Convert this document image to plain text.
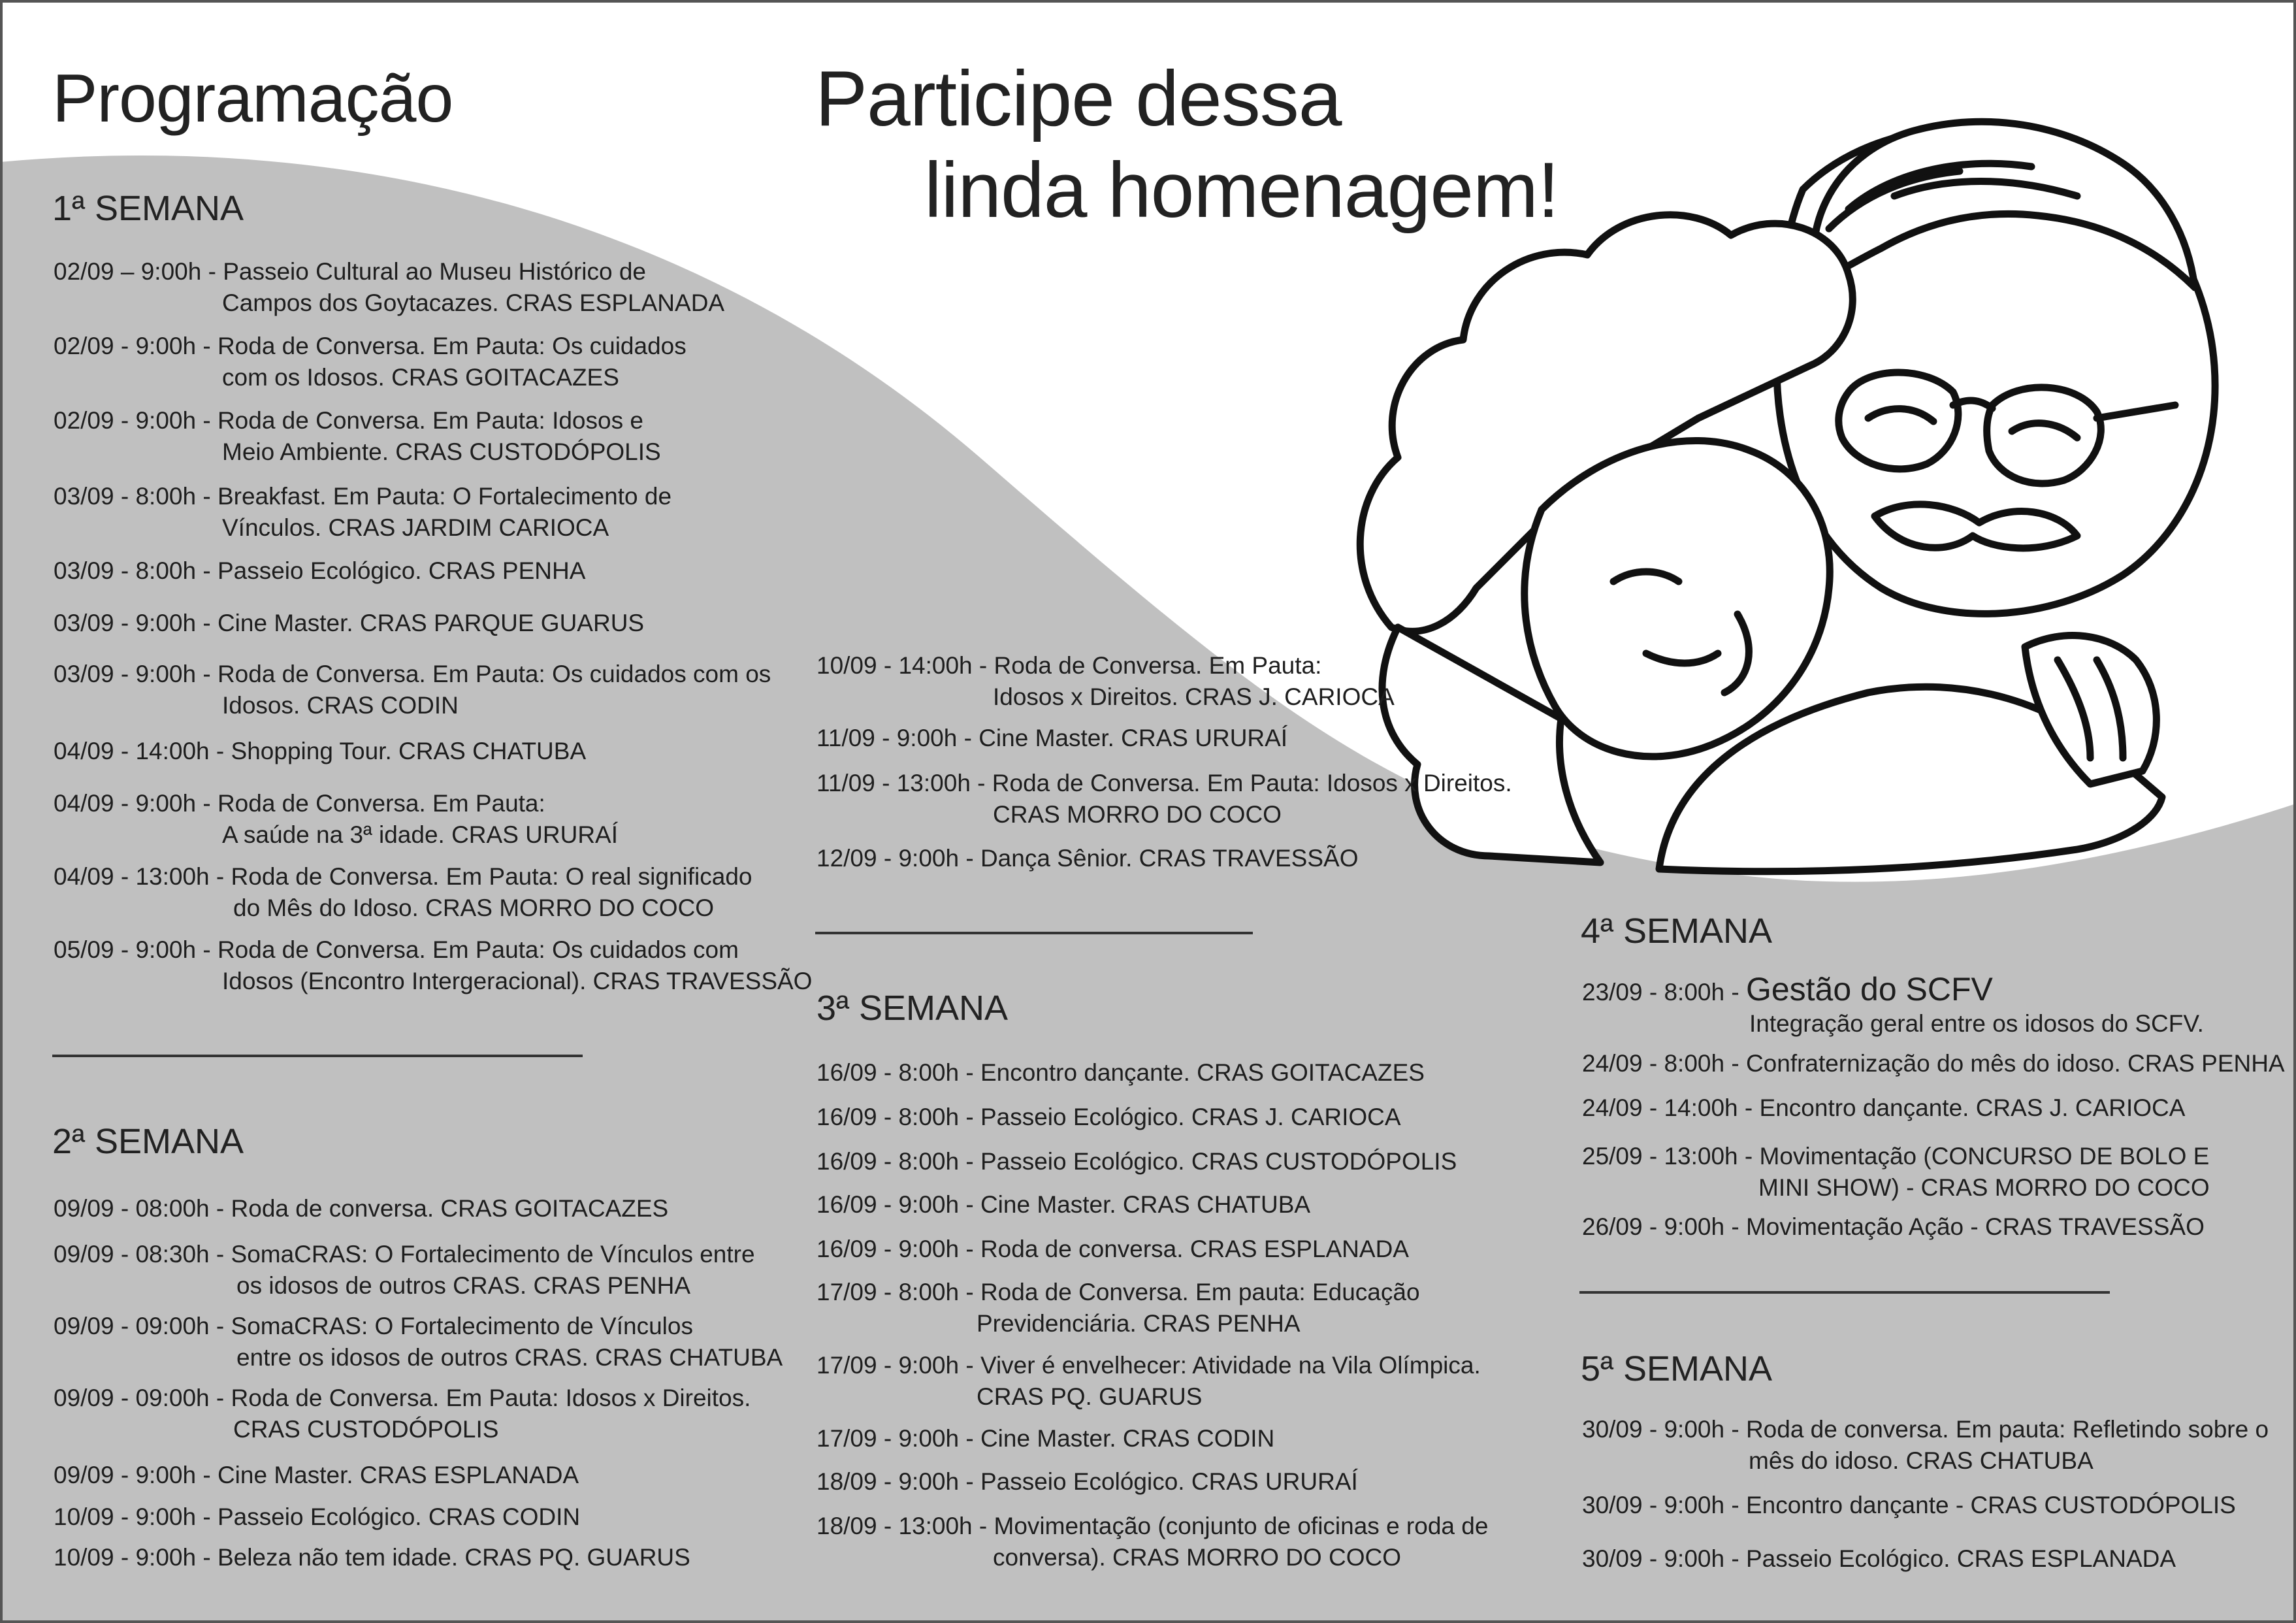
Programação	Participe dessa
linda homenagem!
1ª SEMANA
02/09 – 9:00h - Passeio Cultural ao Museu Histórico de
Campos dos Goytacazes. CRAS ESPLANADA
02/09 - 9:00h - Roda de Conversa. Em Pauta: Os cuidados
com os Idosos. CRAS GOITACAZES
02/09 - 9:00h - Roda de Conversa. Em Pauta: Idosos e
Meio Ambiente. CRAS CUSTODÓPOLIS
03/09 - 8:00h - Breakfast. Em Pauta: O Fortalecimento de
Vínculos. CRAS JARDIM CARIOCA
03/09 - 8:00h - Passeio Ecológico. CRAS PENHA
03/09 - 9:00h - Cine Master. CRAS PARQUE GUARUS
03/09 - 9:00h - Roda de Conversa. Em Pauta: Os cuidados com os
Idosos. CRAS CODIN
04/09 - 14:00h - Shopping Tour. CRAS CHATUBA
04/09 - 9:00h - Roda de Conversa. Em Pauta:
A saúde na 3ª idade. CRAS URURAÍ
04/09 - 13:00h - Roda de Conversa. Em Pauta: O real significado
do Mês do Idoso. CRAS MORRO DO COCO
05/09 - 9:00h - Roda de Conversa. Em Pauta: Os cuidados com
Idosos (Encontro Intergeracional). CRAS TRAVESSÃO
2ª SEMANA
09/09 - 08:00h - Roda de conversa. CRAS GOITACAZES
09/09 - 08:30h - SomaCRAS: O Fortalecimento de Vínculos entre
os idosos de outros CRAS. CRAS PENHA
09/09 - 09:00h - SomaCRAS: O Fortalecimento de Vínculos
entre os idosos de outros CRAS. CRAS CHATUBA
09/09 - 09:00h - Roda de Conversa. Em Pauta: Idosos x Direitos.
CRAS CUSTODÓPOLIS
09/09 - 9:00h - Cine Master. CRAS ESPLANADA
10/09 - 9:00h - Passeio Ecológico. CRAS CODIN
10/09 - 9:00h - Beleza não tem idade. CRAS PQ. GUARUS
10/09 - 14:00h - Roda de Conversa. Em Pauta:
Idosos x Direitos. CRAS J. CARIOCA
11/09 - 9:00h - Cine Master. CRAS URURAÍ
11/09 - 13:00h - Roda de Conversa. Em Pauta: Idosos x Direitos.
CRAS MORRO DO COCO
12/09 - 9:00h - Dança Sênior. CRAS TRAVESSÃO
3ª SEMANA
16/09 - 8:00h - Encontro dançante. CRAS GOITACAZES
16/09 - 8:00h - Passeio Ecológico. CRAS J. CARIOCA
16/09 - 8:00h - Passeio Ecológico. CRAS CUSTODÓPOLIS
16/09 - 9:00h - Cine Master. CRAS CHATUBA
16/09 - 9:00h - Roda de conversa. CRAS ESPLANADA
17/09 - 8:00h - Roda de Conversa. Em pauta: Educação
Previdenciária. CRAS PENHA
17/09 - 9:00h - Viver é envelhecer: Atividade na Vila Olímpica.
CRAS PQ. GUARUS
17/09 - 9:00h - Cine Master. CRAS CODIN
18/09 - 9:00h - Passeio Ecológico. CRAS URURAÍ
18/09 - 13:00h - Movimentação (conjunto de oficinas e roda de
conversa). CRAS MORRO DO COCO
4ª SEMANA
23/09 - 8:00h - Gestão do SCFV
Integração geral entre os idosos do SCFV.
24/09 - 8:00h - Confraternização do mês do idoso. CRAS PENHA
24/09 - 14:00h - Encontro dançante. CRAS J. CARIOCA
25/09 - 13:00h - Movimentação (CONCURSO DE BOLO E
MINI SHOW) - CRAS MORRO DO COCO
26/09 - 9:00h - Movimentação Ação - CRAS TRAVESSÃO
5ª SEMANA
30/09 - 9:00h - Roda de conversa. Em pauta: Refletindo sobre o
mês do idoso. CRAS CHATUBA
30/09 - 9:00h - Encontro dançante - CRAS CUSTODÓPOLIS
30/09 - 9:00h - Passeio Ecológico. CRAS ESPLANADA
